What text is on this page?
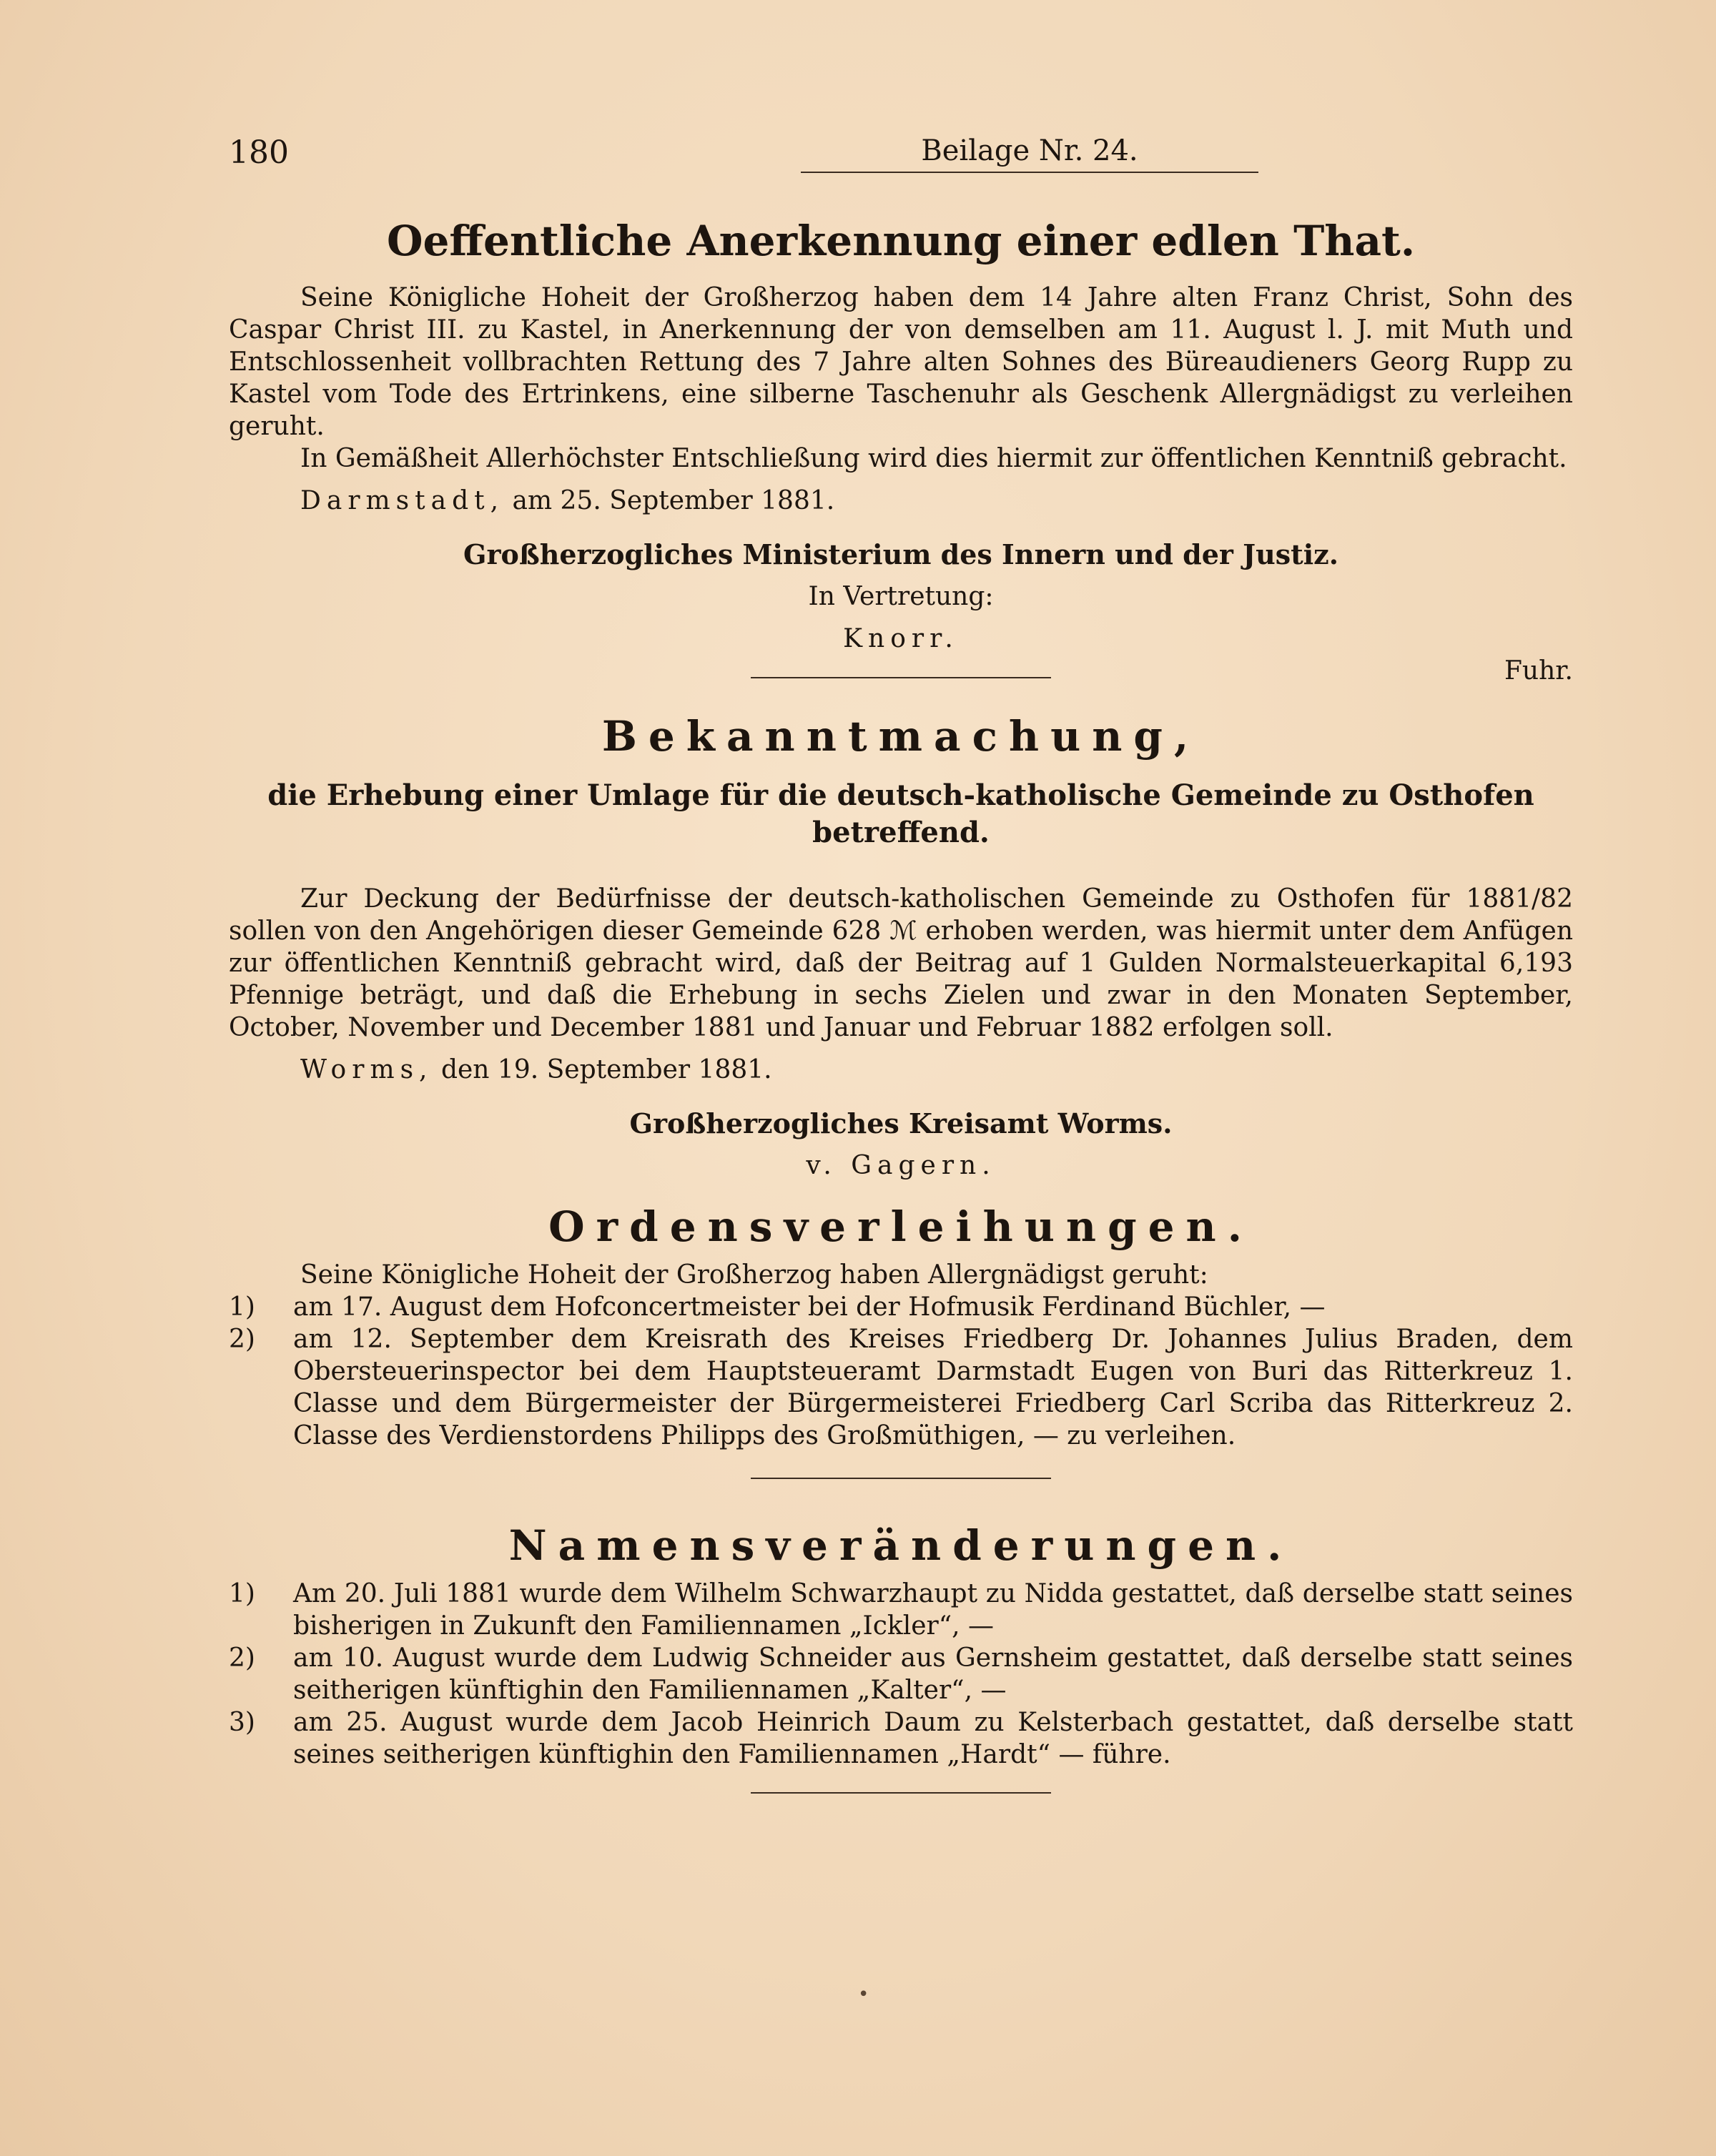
180	Beilage Nr. 24.
Oeffentliche Anerkennung einer edlen That.

Seine Königliche Hoheit der Großherzog haben dem 14 Jahre alten Franz Christ, Sohn des Caspar Christ III. zu Kastel, in Anerkennung der von demselben am 11. August l. J. mit Muth und Entschlossenheit vollbrachten Rettung des 7 Jahre alten Sohnes des Büreaudieners Georg Rupp zu Kastel vom Tode des Ertrinkens, eine silberne Taschenuhr als Geschenk Allergnädigst zu verleihen geruht.

In Gemäßheit Allerhöchster Entschließung wird dies hiermit zur öffentlichen Kenntniß gebracht.

Darmstadt, am 25. September 1881.

Großherzogliches Ministerium des Innern und der Justiz.
In Vertretung:
Knorr.
Fuhr.
Bekanntmachung,
die Erhebung einer Umlage für die deutsch-katholische Gemeinde zu Osthofen betreffend.

Zur Deckung der Bedürfnisse der deutsch-katholischen Gemeinde zu Osthofen für 1881/82 sollen von den Angehörigen dieser Gemeinde 628 ℳ erhoben werden, was hiermit unter dem Anfügen zur öffentlichen Kenntniß gebracht wird, daß der Beitrag auf 1 Gulden Normalsteuerkapital 6,193 Pfennige beträgt, und daß die Erhebung in sechs Zielen und zwar in den Monaten September, October, November und December 1881 und Januar und Februar 1882 erfolgen soll.

Worms, den 19. September 1881.

Großherzogliches Kreisamt Worms.
v. Gagern.
Ordensverleihungen.

Seine Königliche Hoheit der Großherzog haben Allergnädigst geruht:

1) am 17. August dem Hofconcertmeister bei der Hofmusik Ferdinand Büchler, —
2) am 12. September dem Kreisrath des Kreises Friedberg Dr. Johannes Julius Braden, dem Obersteuerinspector bei dem Hauptsteueramt Darmstadt Eugen von Buri das Ritterkreuz 1. Classe und dem Bürgermeister der Bürgermeisterei Friedberg Carl Scriba das Ritterkreuz 2. Classe des Verdienstordens Philipps des Großmüthigen, — zu verleihen.
Namensveränderungen.
1) Am 20. Juli 1881 wurde dem Wilhelm Schwarzhaupt zu Nidda gestattet, daß derselbe statt seines bisherigen in Zukunft den Familiennamen „Ickler“, —
2) am 10. August wurde dem Ludwig Schneider aus Gernsheim gestattet, daß derselbe statt seines seitherigen künftighin den Familiennamen „Kalter“, —
3) am 25. August wurde dem Jacob Heinrich Daum zu Kelsterbach gestattet, daß derselbe statt seines seitherigen künftighin den Familiennamen „Hardt“ — führe.
•
